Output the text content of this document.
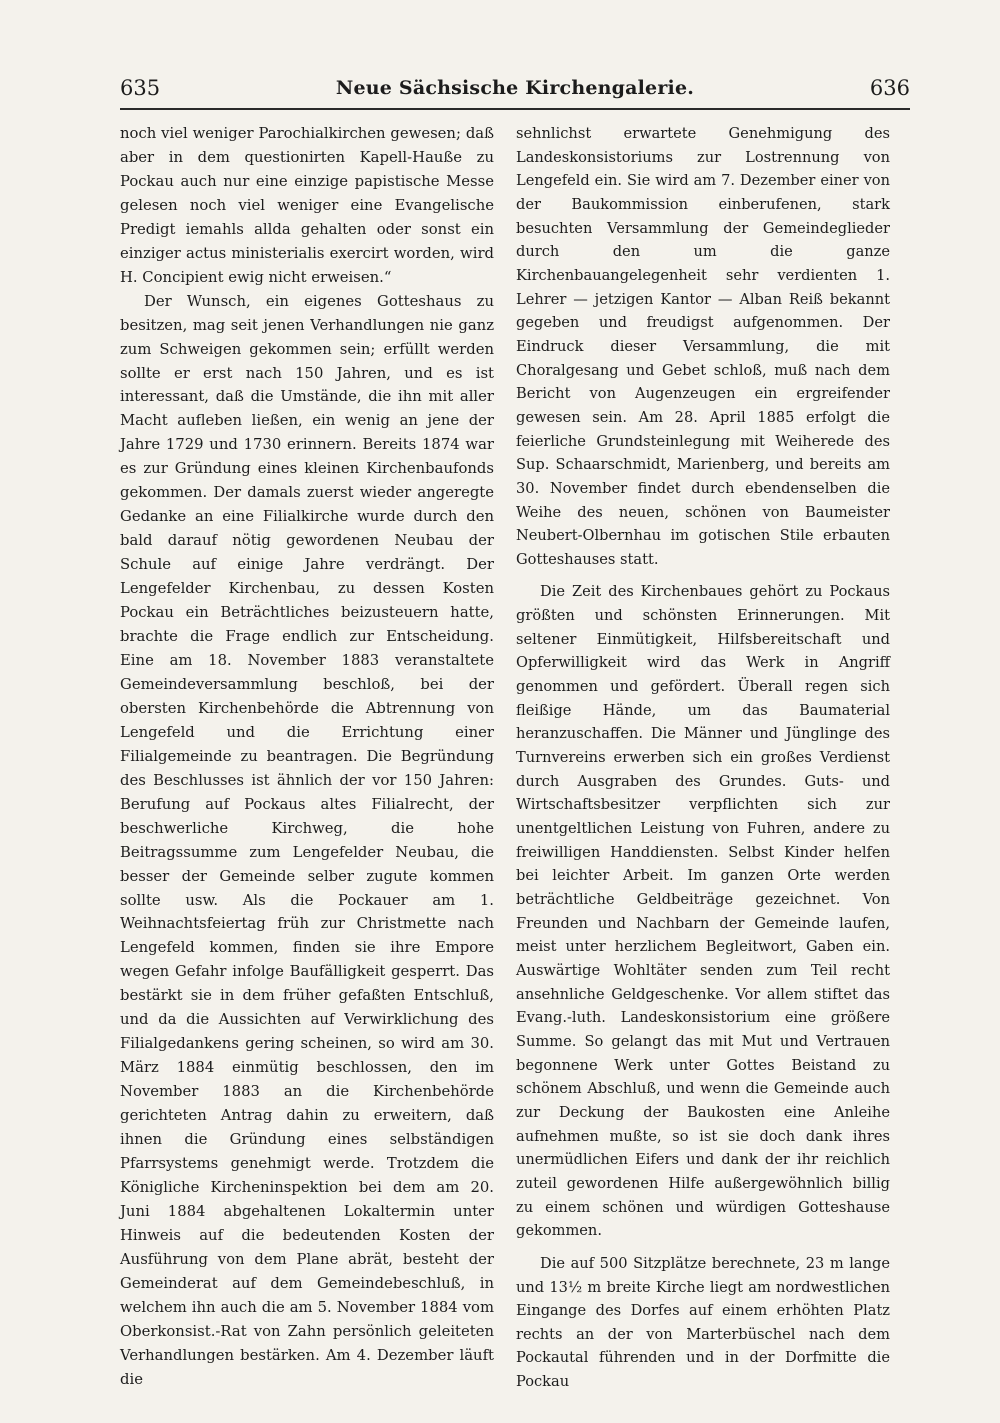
635	Neue Sächsische Kirchengalerie.	636

noch viel weniger Parochialkirchen gewesen; daß aber in dem questionirten Kapell-Hauße zu Pockau auch nur eine einzige papistische Messe gelesen noch viel weniger eine Evangelische Predigt iemahls allda gehalten oder sonst ein einziger actus ministerialis exercirt worden, wird H. Concipient ewig nicht erweisen.“

Der Wunsch, ein eigenes Gotteshaus zu besitzen, mag seit jenen Verhandlungen nie ganz zum Schweigen gekommen sein; erfüllt werden sollte er erst nach 150 Jahren, und es ist interessant, daß die Umstände, die ihn mit aller Macht aufleben ließen, ein wenig an jene der Jahre 1729 und 1730 erinnern. Bereits 1874 war es zur Gründung eines kleinen Kirchenbaufonds gekommen. Der damals zuerst wieder angeregte Gedanke an eine Filialkirche wurde durch den bald darauf nötig gewordenen Neubau der Schule auf einige Jahre verdrängt. Der Lengefelder Kirchenbau, zu dessen Kosten Pockau ein Beträchtliches beizusteuern hatte, brachte die Frage endlich zur Entscheidung. Eine am 18. November 1883 veranstaltete Gemeindeversammlung beschloß, bei der obersten Kirchenbehörde die Abtrennung von Lengefeld und die Errichtung einer Filialgemeinde zu beantragen. Die Begründung des Beschlusses ist ähnlich der vor 150 Jahren: Berufung auf Pockaus altes Filialrecht, der beschwerliche Kirchweg, die hohe Beitragssumme zum Lengefelder Neubau, die besser der Gemeinde selber zugute kommen sollte usw. Als die Pockauer am 1. Weihnachtsfeiertag früh zur Christmette nach Lengefeld kommen, finden sie ihre Empore wegen Gefahr infolge Baufälligkeit gesperrt. Das bestärkt sie in dem früher gefaßten Entschluß, und da die Aussichten auf Verwirklichung des Filialgedankens gering scheinen, so wird am 30. März 1884 einmütig beschlossen, den im November 1883 an die Kirchenbehörde gerichteten Antrag dahin zu erweitern, daß ihnen die Gründung eines selbständigen Pfarrsystems genehmigt werde. Trotzdem die Königliche Kircheninspektion bei dem am 20. Juni 1884 abgehaltenen Lokaltermin unter Hinweis auf die bedeutenden Kosten der Ausführung von dem Plane abrät, besteht der Gemeinderat auf dem Gemeindebeschluß, in welchem ihn auch die am 5. November 1884 vom Oberkonsist.-Rat von Zahn persönlich geleiteten Verhandlungen bestärken. Am 4. Dezember läuft die

sehnlichst erwartete Genehmigung des Landeskonsistoriums zur Lostrennung von Lengefeld ein. Sie wird am 7. Dezember einer von der Baukommission einberufenen, stark besuchten Versammlung der Gemeindeglieder durch den um die ganze Kirchenbauangelegenheit sehr verdienten 1. Lehrer — jetzigen Kantor — Alban Reiß bekannt gegeben und freudigst aufgenommen. Der Eindruck dieser Versammlung, die mit Choralgesang und Gebet schloß, muß nach dem Bericht von Augenzeugen ein ergreifender gewesen sein. Am 28. April 1885 erfolgt die feierliche Grundsteinlegung mit Weiherede des Sup. Schaarschmidt, Marienberg, und bereits am 30. November findet durch ebendenselben die Weihe des neuen, schönen von Baumeister Neubert-Olbernhau im gotischen Stile erbauten Gotteshauses statt.

Die Zeit des Kirchenbaues gehört zu Pockaus größten und schönsten Erinnerungen. Mit seltener Einmütigkeit, Hilfsbereitschaft und Opferwilligkeit wird das Werk in Angriff genommen und gefördert. Überall regen sich fleißige Hände, um das Baumaterial heranzuschaffen. Die Männer und Jünglinge des Turnvereins erwerben sich ein großes Verdienst durch Ausgraben des Grundes. Guts- und Wirtschaftsbesitzer verpflichten sich zur unentgeltlichen Leistung von Fuhren, andere zu freiwilligen Handdiensten. Selbst Kinder helfen bei leichter Arbeit. Im ganzen Orte werden beträchtliche Geldbeiträge gezeichnet. Von Freunden und Nachbarn der Gemeinde laufen, meist unter herzlichem Begleitwort, Gaben ein. Auswärtige Wohltäter senden zum Teil recht ansehnliche Geldgeschenke. Vor allem stiftet das Evang.-luth. Landeskonsistorium eine größere Summe. So gelangt das mit Mut und Vertrauen begonnene Werk unter Gottes Beistand zu schönem Abschluß, und wenn die Gemeinde auch zur Deckung der Baukosten eine Anleihe aufnehmen mußte, so ist sie doch dank ihres unermüdlichen Eifers und dank der ihr reichlich zuteil gewordenen Hilfe außergewöhnlich billig zu einem schönen und würdigen Gotteshause gekommen.

Die auf 500 Sitzplätze berechnete, 23 m lange und 13½ m breite Kirche liegt am nordwestlichen Eingange des Dorfes auf einem erhöhten Platz rechts an der von Marterbüschel nach dem Pockautal führenden und in der Dorfmitte die Pockau
